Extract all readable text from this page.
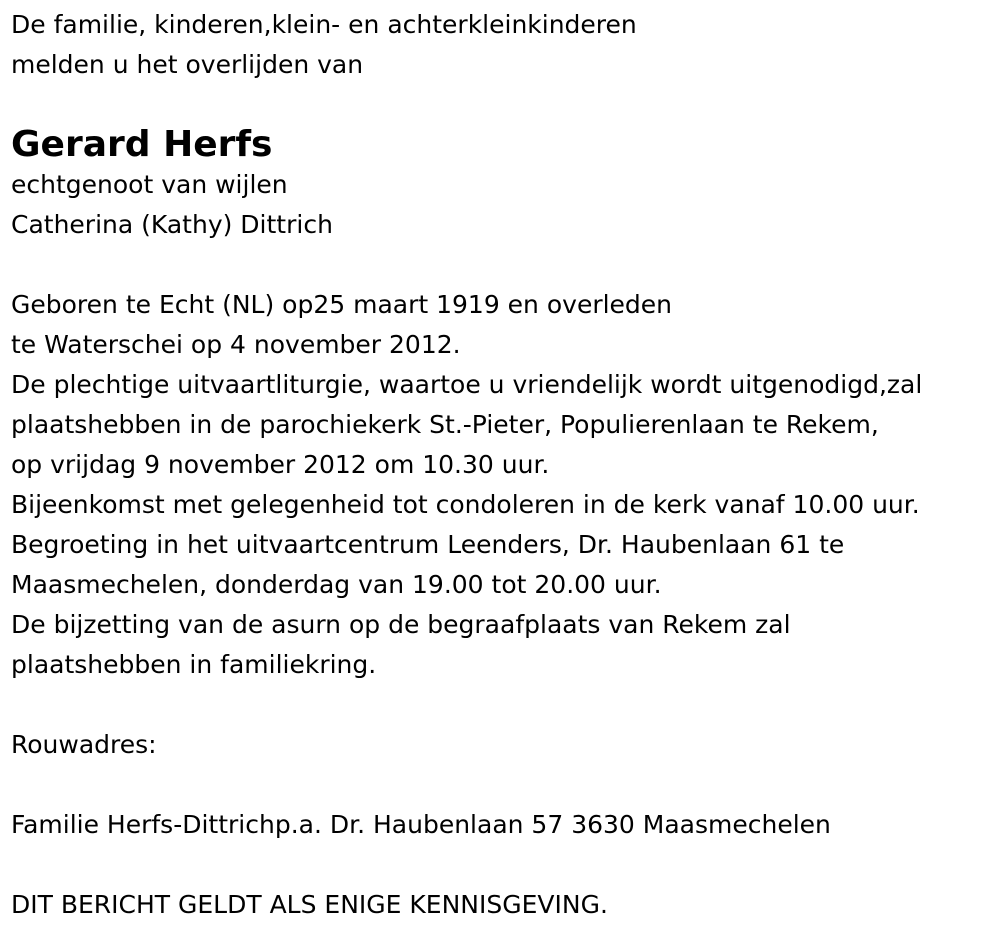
De familie, kinderen,klein- en achterkleinkinderen
melden u het overlijden van
Gerard Herfs
echtgenoot van wijlen
Catherina (Kathy) Dittrich
Geboren te Echt (NL) op25 maart 1919 en overleden
te Waterschei op 4 november 2012.
De plechtige uitvaartliturgie, waartoe u vriendelijk wordt uitgenodigd,zal
plaatshebben in de parochiekerk St.-Pieter, Populierenlaan te Rekem,
op vrijdag 9 november 2012 om 10.30 uur.
Bijeenkomst met gelegenheid tot condoleren in de kerk vanaf 10.00 uur.
Begroeting in het uitvaartcentrum Leenders, Dr. Haubenlaan 61 te
Maasmechelen, donderdag van 19.00 tot 20.00 uur.
De bijzetting van de asurn op de begraafplaats van Rekem zal
plaatshebben in familiekring.
Rouwadres:
Familie Herfs-Dittrichp.a. Dr. Haubenlaan 57 3630 Maasmechelen
DIT BERICHT GELDT ALS ENIGE KENNISGEVING.
